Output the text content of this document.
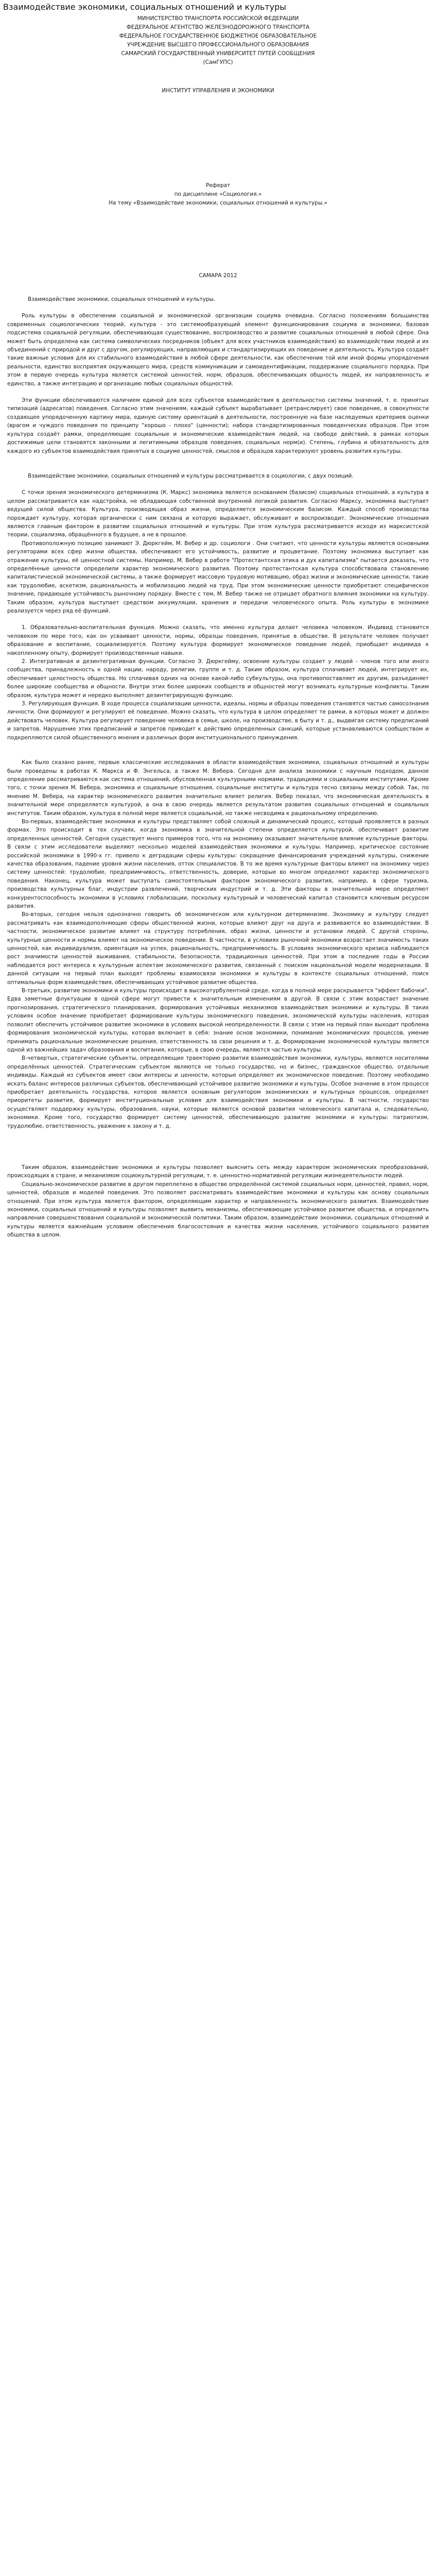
Взаимодействие экономики, социальных отношений и культуры
МИНИСТЕРСТВО ТРАНСПОРТА РОССИЙСКОЙ ФЕДЕРАЦИИ
ФЕДЕРАЛЬНОЕ АГЕНТСТВО ЖЕЛЕЗНОДОРОЖНОГО ТРАНСПОРТА
ФЕДЕРАЛЬНОЕ ГОСУДАРСТВЕННОЕ БЮДЖЕТНОЕ ОБРАЗОВАТЕЛЬНОЕ
УЧРЕЖДЕНИЕ ВЫСШЕГО ПРОФЕССИОНАЛЬНОГО ОБРАЗОВАНИЯ
САМАРСКИЙ ГОСУДАРСТВЕННЫЙ УНИВЕРСИТЕТ ПУТЕЙ СООБЩЕНИЯ
(СамГУПС)
ИНСТИТУТ УПРАВЛЕНИЯ И ЭКОНОМИКИ
Реферат
по дисциплине «Социология.»
На тему «Взаимодействие экономики, социальных отношений и культуры.»
САМАРА 2012

Взаимодействие экономики, социальных отношений и культуры.

Роль культуры в обеспечении социальной и экономической организации социума очевидна. Согласно положениям большинства современных социологических теорий, культура - это системообразующий элемент функционирования социума и экономики, базовая подсистема социальной регуляции, обеспечивающая существование, воспроизводство и развитие социальных отношений в любой сфере. Она может быть определена как система символических посредников (объект для всех участников взаимодействия) во взаимодействии людей и их объединений с природой и друг с другом, регулирующих, направляющих и стандартизирующих их поведение и деятельность. Культура создаёт такие важные условия для их стабильного взаимодействия в любой сфере деятельности, как обеспечение той или иной формы упорядочения реальности, единство восприятия окружающего мира, средств коммуникации и самоидентификации, поддержание социального порядка. При этом в первую очередь культура является системой ценностей, норм, образцов, обеспечивающих общность людей, их направленность и единство, а также интеграцию и организацию любых социальных общностей.

Эти функции обеспечиваются наличием единой для всех субъектов взаимодействия в деятельностно системы значений, т. е. принятых типизаций (адресатов) поведения. Согласно этим значениям, каждый субъект вырабатывает (ретранслирует) свое поведение, в совокупности создающее упорядоченную картину мира, единую систему ориентаций в деятельности, построенную на базе наследуемых критериев оценки (врагом и чуждого поведения по принципу "хорошо - плохо" (ценности); набора стандартизированных поведенческих образцов. При этом культура создаёт рамки, определяющие социальные и экономические взаимодействия людей, на свободе действий, в рамках которых достижимые цели становятся законными и легитимными образцов поведения, социальных норм(и). Степень, глубина и обязательность для каждого из субъектов взаимодействия принятых в социуме ценностей, смыслов и образцов характеризуют уровень развития культуры.

Взаимодействие экономики, социальных отношений и культуры рассматривается в социологии, с двух позиций.

С точки зрения экономического детерминизма (К. Маркс) экономика является основанием (базисом) социальных отношений, а культура в целом рассматривается как надстройка, не обладающая собственной внутренней логикой развития. Согласно Марксу, экономика выступает ведущей силой общества. Культура, производящая образ жизни, определяется экономическим базисом. Каждый способ производства порождает культуру, которая органически с ним связана и которую выражает, обслуживает и воспроизводит. Экономические отношения являются главным фактором в развитии социальных отношений и культуры. При этом культура рассматривается исходя из марксистской теории, социализма, обращённого в будущее, а не в прошлое.

Противоположную позицию занимают Э. Дюркгейм, М. Вебер и др. социологи . Они считают, что ценности культуры являются основными регуляторами всех сфер жизни общества, обеспечивают его устойчивость, развитие и процветание. Поэтому экономика выступает как отражение культуры, её ценностной системы. Например, М. Вебер в работе "Протестантская этика и дух капитализма" пытается доказать, что определённые ценности определили характер экономического развития. Поэтому протестантская культура способствовала становлению капиталистической экономической системы, а также формирует массовую трудовую мотивацию, образ жизни и экономические ценности, такие как трудолюбие, аскетизм, рациональность и мобилизацию людей на труд. При этом экономические ценности приобретают специфическое значение, придающее устойчивость рыночному порядку. Вместе с тем, М. Вебер также не отрицает обратного влияния экономики на культуру. Таким образом, культура выступает средством аккумуляции, хранения и передачи человеческого опыта. Роль культуры в экономике реализуется через ряд её функций.

1. Образовательно-воспитательная функция. Можно сказать, что именно культура делает человека человеком. Индивид становится человеком по мере того, как он усваивает ценности, нормы, образцы поведения, принятые в обществе. В результате человек получает образование и воспитание, социализируется. Поэтому культура формирует экономическое поведение людей, приобщает индивида к накопленному опыту, формирует производственные навыки.

2. Интегративная и дезинтегративная функции. Согласно Э. Дюркгейму, освоение культуры создает у людей - членов того или иного сообщества, принадлежность к одной нации, народу, религии, группе и т. д. Таким образом, культура сплачивает людей, интегрирует их, обеспечивает целостность общества. Но сплачивая одних на основе какой-либо субкультуры, она противопоставляет их другим, разъединяет более широкие сообщества и общности. Внутри этих более широких сообществ и общностей могут возникать культурные конфликты. Таким образом, культура может и нередко выполняет дезинтегрирующую функцию.

3. Регулирующая функция. В ходе процесса социализации ценности, идеалы, нормы и образцы поведения становятся частью самосознания личности. Они формируют и регулируют её поведение. Можно сказать, что культура в целом определяет те рамки, в которых может и должен действовать человек. Культура регулирует поведение человека в семье, школе, на производстве, в быту и т. д., выдвигая систему предписаний и запретов. Нарушение этих предписаний и запретов приводит к действию определенных санкций, которые устанавливаются сообществом и подкрепляются силой общественного мнения и различных форм институционального принуждения.

Как было сказано ранее, первые классические исследования в области взаимодействия экономики, социальных отношений и культуры были проведены в работах К. Маркса и Ф. Энгельса, а также М. Вебера. Сегодня для анализа экономики с научным подходом, данное определение рассматриваются как система отношений, обусловленная культурными нормами, традициями и социальными институтами. Кроме того, с точки зрения М. Вебера, экономика и социальные отношения, социальные институты и культура тесно связаны между собой. Так, по мнению М. Вебера, на характер экономического развития значительно влияет религия. Вебер показал, что экономическая деятельность в значительной мере определяется культурой, а она в свою очередь является результатом развития социальных отношений и социальных институтов. Таким образом, культура в полной мере является социальной, но также несводима к рациональному определению.

Во-первых, взаимодействие экономики и культуры представляет собой сложный и динамический процесс, который проявляется в разных формах. Это происходит в тех случаях, когда экономика в значительной степени определяется культурой, обеспечивает развитие определенных ценностей. Сегодня существует много примеров того, что на экономику оказывают значительное влияние культурные факторы. В связи с этим исследователи выделяют несколько моделей взаимодействия экономики и культуры. Например, критическое состояние российской экономики в 1990-х гг. привело к деградации сферы культуры: сокращение финансирования учреждений культуры, снижение качества образования, падение уровня жизни населения, отток специалистов. В то же время культурные факторы влияют на экономику через систему ценностей: трудолюбие, предприимчивость, ответственность, доверие, которые во многом определяют характер экономического поведения. Наконец, культура может выступать самостоятельным фактором экономического развития, например, в сфере туризма, производства культурных благ, индустрии развлечений, творческих индустрий и т. д. Эти факторы в значительной мере определяют конкурентоспособность экономики в условиях глобализации, поскольку культурный и человеческий капитал становится ключевым ресурсом развития.

Во-вторых, сегодня нельзя однозначно говорить об экономическом или культурном детерминизме. Экономику и культуру следует рассматривать как взаимодополняющие сферы общественной жизни, которые влияют друг на друга и развиваются во взаимодействии. В частности, экономическое развитие влияет на структуру потребления, образ жизни, ценности и установки людей. С другой стороны, культурные ценности и нормы влияют на экономическое поведение. В частности, в условиях рыночной экономики возрастает значимость таких ценностей, как индивидуализм, ориентация на успех, рациональность, предприимчивость. В условиях экономического кризиса наблюдается рост значимости ценностей выживания, стабильности, безопасности, традиционных ценностей. При этом в последние годы в России наблюдается рост интереса к культурным аспектам экономического развития, связанный с поиском национальной модели модернизации. В данной ситуации на первый план выходят проблемы взаимосвязи экономики и культуры в контексте социальных отношений, поиск оптимальных форм взаимодействия, обеспечивающих устойчивое развитие общества.

В-третьих, развитие экономики и культуры происходит в высокотурбулентной среде, когда в полной мере раскрывается "эффект бабочки". Едва заметные флуктуации в одной сфере могут привести к значительным изменениям в другой. В связи с этим возрастает значение прогнозирования, стратегического планирования, формирования устойчивых механизмов взаимодействия экономики и культуры. В таких условиях особое значение приобретает формирование культуры экономического поведения, экономической культуры населения, которая позволит обеспечить устойчивое развитие экономики в условиях высокой неопределенности. В связи с этим на первый план выходит проблема формирования экономической культуры, которая включает в себя: знание основ экономики, понимание экономических процессов, умение принимать рациональные экономические решения, ответственность за свои решения и т. д. Формирование экономической культуры является одной из важнейших задач образования и воспитания, которые, в свою очередь, являются частью культуры.

В-четвертых, стратегические субъекты, определяющие траекторию развития взаимодействия экономики, культуры, являются носителями определённых ценностей. Стратегическим субъектом являются не только государство, но и бизнес, гражданское общество, отдельные индивиды. Каждый из субъектов имеет свои интересы и ценности, которые определяют их экономическое поведение. Поэтому необходимо искать баланс интересов различных субъектов, обеспечивающий устойчивое развитие экономики и культуры. Особое значение в этом процессе приобретает деятельность государства, которое является основным регулятором экономических и культурных процессов, определяет приоритеты развития, формирует институциональные условия для взаимодействия экономики и культуры. В частности, государство осуществляет поддержку культуры, образования, науки, которые являются основой развития человеческого капитала и, следовательно, экономики. Кроме того, государство формирует систему ценностей, обеспечивающую развитие экономики и культуры: патриотизм, трудолюбие, ответственность, уважение к закону и т. д.

Таким образом, взаимодействие экономики и культуры позволяет выяснить сеть между характером экономических преобразований, происходящих в стране, и механизмом социокультурной регуляции, т. е. ценностно-нормативной регуляции жизнедеятельности людей.

Социально-экономическое развитие в другом переплетено в обществе определённой системой социальных норм, ценностей, правил, норм, ценностей, образцов и моделей поведения. Это позволяет рассматривать взаимодействие экономики и культуры как основу социальных отношений. При этом культура является фактором, определяющим характер и направленность экономического развития. Взаимодействие экономики, социальных отношений и культуры позволяет выявить механизмы, обеспечивающие устойчивое развитие общества, и определить направления совершенствования социальной и экономической политики. Таким образом, взаимодействие экономики, социальных отношений и культуры является важнейшим условием обеспечения благосостояния и качества жизни населения, устойчивого социального развития общества в целом.
